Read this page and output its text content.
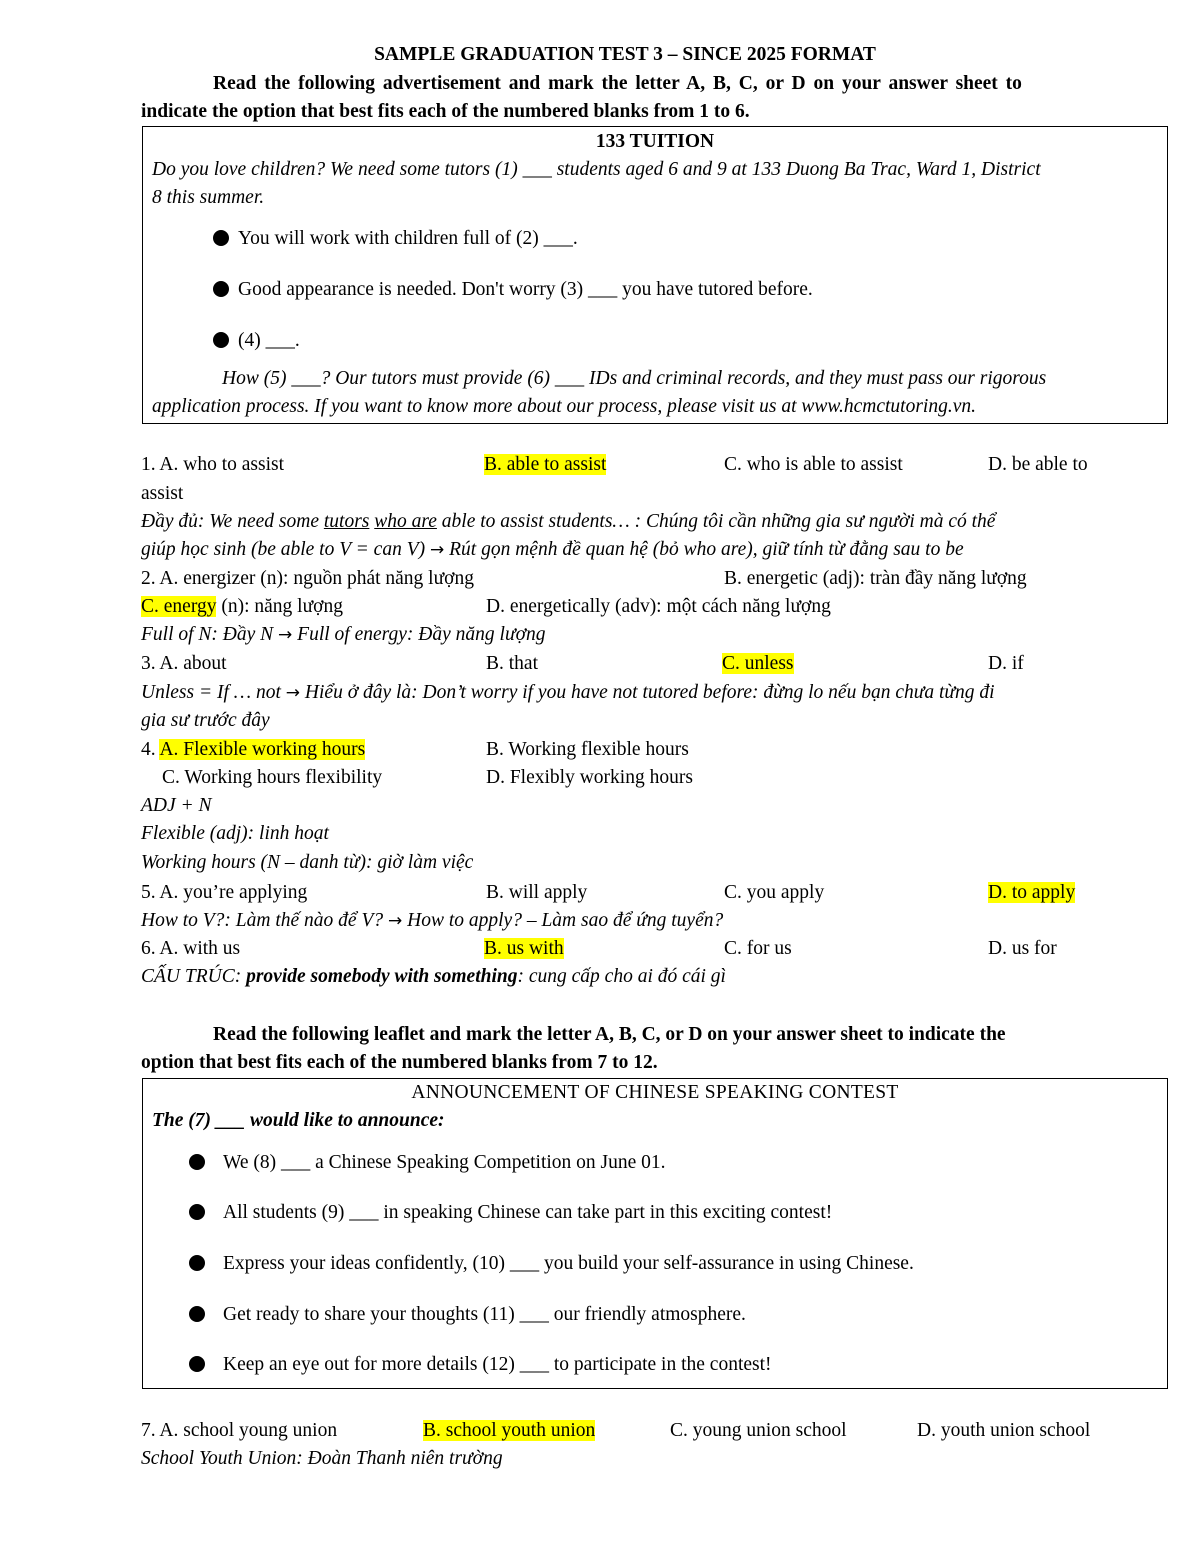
SAMPLE GRADUATION TEST 3 – SINCE 2025 FORMAT
Read the following advertisement and mark the letter A, B, C, or D on your answer sheet to
indicate the option that best fits each of the numbered blanks from 1 to 6.
133 TUITION
Do you love children? We need some tutors (1) ___ students aged 6 and 9 at 133 Duong Ba Trac, Ward 1, District
8 this summer.
You will work with children full of (2) ___.
Good appearance is needed. Don't worry (3) ___ you have tutored before.
(4) ___.
How (5) ___? Our tutors must provide (6) ___ IDs and criminal records, and they must pass our rigorous
application process. If you want to know more about our process, please visit us at www.hcmctutoring.vn.
1. A. who to assist	B. able to assist	C. who is able to assist	D. be able to
assist
Đầy đủ: We need some tutors who are able to assist students… : Chúng tôi cần những gia sư người mà có thể
giúp học sinh (be able to V = can V) → Rút gọn mệnh đề quan hệ (bỏ who are), giữ tính từ đằng sau to be
2. A. energizer (n): nguồn phát năng lượng	B. energetic (adj): tràn đầy năng lượng
C. energy (n): năng lượng	D. energetically (adv): một cách năng lượng
Full of N: Đầy N → Full of energy: Đầy năng lượng
3. A. about	B. that	C. unless	D. if
Unless = If … not → Hiểu ở đây là: Don’t worry if you have not tutored before: đừng lo nếu bạn chưa từng đi
gia sư trước đây
4. A. Flexible working hours	B. Working flexible hours
C. Working hours flexibility	D. Flexibly working hours
ADJ + N
Flexible (adj): linh hoạt
Working hours (N – danh từ): giờ làm việc
5. A. you’re applying	B. will apply	C. you apply	D. to apply
How to V?: Làm thế nào để V? → How to apply? – Làm sao để ứng tuyển?
6. A. with us	B. us with	C. for us	D. us for
CẤU TRÚC: provide somebody with something: cung cấp cho ai đó cái gì
Read the following leaflet and mark the letter A, B, C, or D on your answer sheet to indicate the
option that best fits each of the numbered blanks from 7 to 12.
ANNOUNCEMENT OF CHINESE SPEAKING CONTEST
The (7) ___ would like to announce:
We (8) ___ a Chinese Speaking Competition on June 01.
All students (9) ___ in speaking Chinese can take part in this exciting contest!
Express your ideas confidently, (10) ___ you build your self-assurance in using Chinese.
Get ready to share your thoughts (11) ___ our friendly atmosphere.
Keep an eye out for more details (12) ___ to participate in the contest!
7. A. school young union	B. school youth union	C. young union school	D. youth union school
School Youth Union: Đoàn Thanh niên trường
